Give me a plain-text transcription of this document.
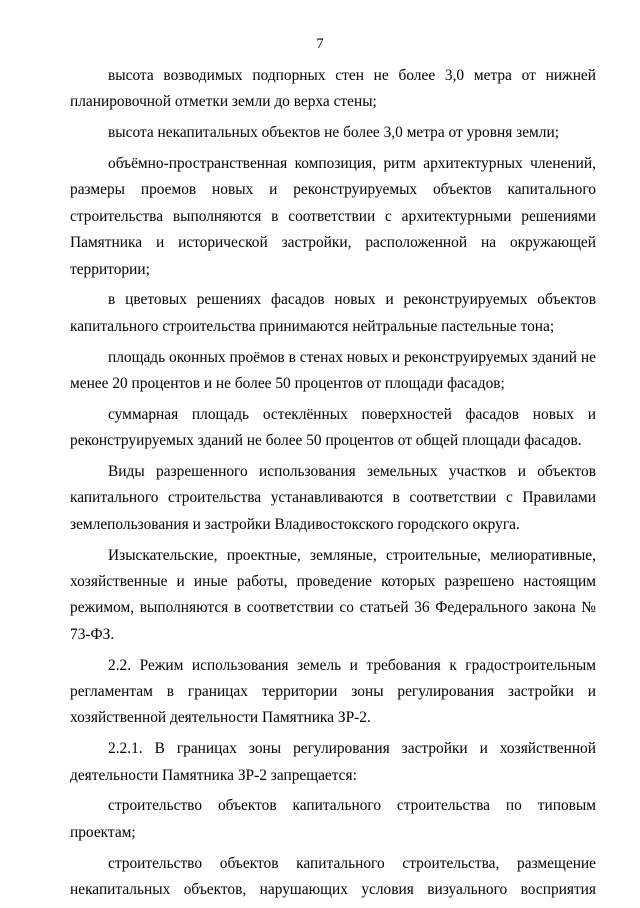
7

высота возводимых подпорных стен не более 3,0 метра от нижней планировочной отметки земли до верха стены;

высота некапитальных объектов не более 3,0 метра от уровня земли;

объёмно-пространственная композиция, ритм архитектурных членений, размеры проемов новых и реконструируемых объектов капитального строительства выполняются в соответствии с архитектурными решениями Памятника и исторической застройки, расположенной на окружающей территории;

в цветовых решениях фасадов новых и реконструируемых объектов капитального строительства принимаются нейтральные пастельные тона;

площадь оконных проёмов в стенах новых и реконструируемых зданий не менее 20 процентов и не более 50 процентов от площади фасадов;

суммарная площадь остеклённых поверхностей фасадов новых и реконструируемых зданий не более 50 процентов от общей площади фасадов.

Виды разрешенного использования земельных участков и объектов капитального строительства устанавливаются в соответствии с Правилами землепользования и застройки Владивостокского городского округа.

Изыскательские, проектные, земляные, строительные, мелиоративные, хозяйственные и иные работы, проведение которых разрешено настоящим режимом, выполняются в соответствии со статьей 36 Федерального закона № 73-ФЗ.

2.2. Режим использования земель и требования к градостроительным регламентам в границах территории зоны регулирования застройки и хозяйственной деятельности Памятника ЗР-2.

2.2.1. В границах зоны регулирования застройки и хозяйственной деятельности Памятника ЗР-2 запрещается:

строительство объектов капитального строительства по типовым проектам;

строительство объектов капитального строительства, размещение некапитальных объектов, нарушающих условия визуального восприятия
